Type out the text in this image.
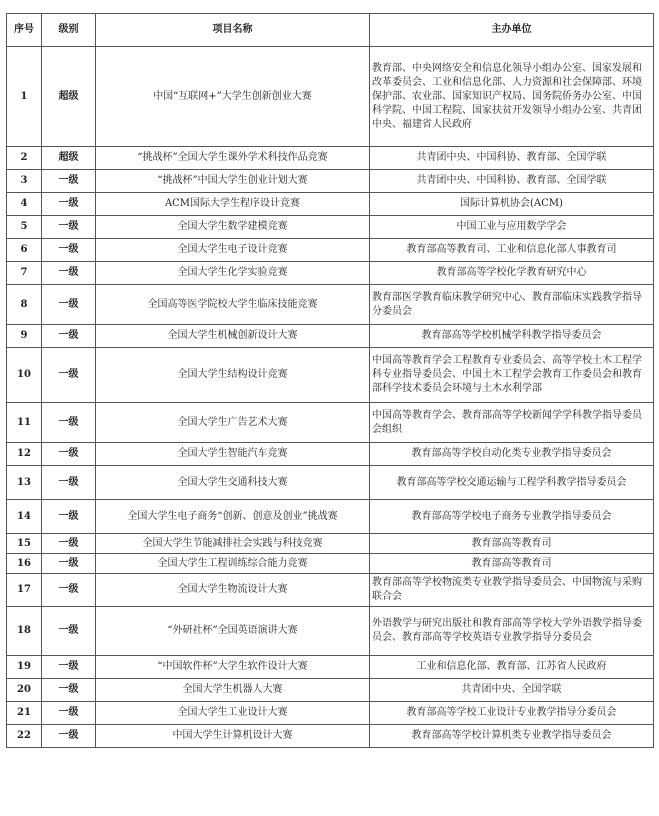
序号	级别	项目名称	主办单位
1	超级	中国“互联网+”大学生创新创业大赛	教育部、中央网络安全和信息化领导小组办公室、国家发展和改革委员会、工业和信息化部、人力资源和社会保障部、环境保护部、农业部、国家知识产权局、国务院侨务办公室、中国科学院、中国工程院、国家扶贫开发领导小组办公室、共青团中央、福建省人民政府
2	超级	“挑战杯”全国大学生课外学术科技作品竞赛	共青团中央、中国科协、教育部、全国学联
3	一级	“挑战杯”中国大学生创业计划大赛	共青团中央、中国科协、教育部、全国学联
4	一级	ACM国际大学生程序设计竞赛	国际计算机协会(ACM)
5	一级	全国大学生数学建模竞赛	中国工业与应用数学学会
6	一级	全国大学生电子设计竞赛	教育部高等教育司、工业和信息化部人事教育司
7	一级	全国大学生化学实验竞赛	教育部高等学校化学教育研究中心
8	一级	全国高等医学院校大学生临床技能竞赛	教育部医学教育临床教学研究中心、教育部临床实践教学指导分委员会
9	一级	全国大学生机械创新设计大赛	教育部高等学校机械学科教学指导委员会
10	一级	全国大学生结构设计竞赛	中国高等教育学会工程教育专业委员会、高等学校土木工程学科专业指导委员会、中国土木工程学会教育工作委员会和教育部科学技术委员会环境与土木水利学部
11	一级	全国大学生广告艺术大赛	中国高等教育学会、教育部高等学校新闻学学科教学指导委员会组织
12	一级	全国大学生智能汽车竞赛	教育部高等学校自动化类专业教学指导委员会
13	一级	全国大学生交通科技大赛	教育部高等学校交通运输与工程学科教学指导委员会
14	一级	全国大学生电子商务“创新、创意及创业”挑战赛	教育部高等学校电子商务专业教学指导委员会
15	一级	全国大学生节能减排社会实践与科技竞赛	教育部高等教育司
16	一级	全国大学生工程训练综合能力竞赛	教育部高等教育司
17	一级	全国大学生物流设计大赛	教育部高等学校物流类专业教学指导委员会、中国物流与采购联合会
18	一级	“外研社杯”全国英语演讲大赛	外语教学与研究出版社和教育部高等学校大学外语教学指导委员会、教育部高等学校英语专业教学指导分委员会
19	一级	“中国软件杯”大学生软件设计大赛	工业和信息化部、教育部、江苏省人民政府
20	一级	全国大学生机器人大赛	共青团中央、全国学联
21	一级	全国大学生工业设计大赛	教育部高等学校工业设计专业教学指导分委员会
22	一级	中国大学生计算机设计大赛	教育部高等学校计算机类专业教学指导委员会
